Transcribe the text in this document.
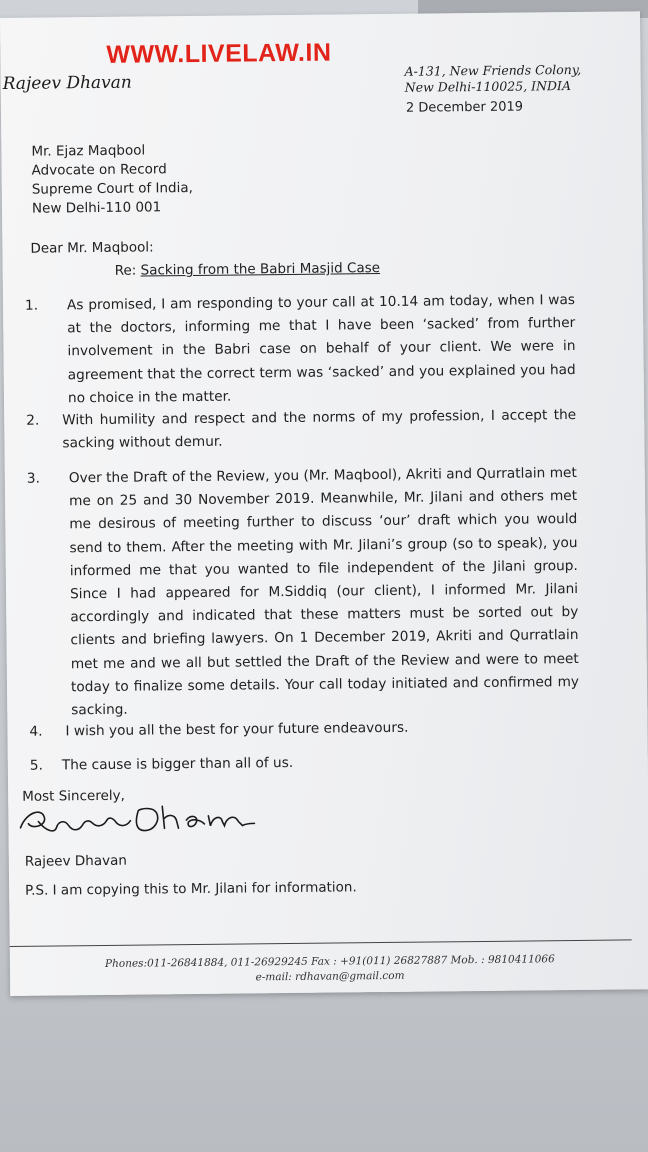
WWW.LIVELAW.IN
Rajeev Dhavan
A-131, New Friends Colony,
New Delhi-110025, INDIA
2 December 2019
Mr. Ejaz Maqbool
Advocate on Record
Supreme Court of India,
New Delhi-110 001
Dear Mr. Maqbool:
Re: Sacking from the Babri Masjid Case
1.	As promised, I am responding to your call at 10.14 am today, when I was at the doctors, informing me that I have been ‘sacked’ from further involvement in the Babri case on behalf of your client. We were in agreement that the correct term was ‘sacked’ and you explained you had no choice in the matter.
2.	With humility and respect and the norms of my profession, I accept the sacking without demur.
3.	Over the Draft of the Review, you (Mr. Maqbool), Akriti and Qurratlain met me on 25 and 30 November 2019. Meanwhile, Mr. Jilani and others met me desirous of meeting further to discuss ‘our’ draft which you would send to them. After the meeting with Mr. Jilani’s group (so to speak), you informed me that you wanted to file independent of the Jilani group. Since I had appeared for M.Siddiq (our client), I informed Mr. Jilani accordingly and indicated that these matters must be sorted out by clients and briefing lawyers. On 1 December 2019, Akriti and Qurratlain met me and we all but settled the Draft of the Review and were to meet today to finalize some details. Your call today initiated and confirmed my sacking.
4.	I wish you all the best for your future endeavours.
5.	The cause is bigger than all of us.
Most Sincerely,
Rajeev Dhavan
P.S. I am copying this to Mr. Jilani for information.
Phones:011-26841884, 011-26929245 Fax : +91(011) 26827887 Mob. : 9810411066
e-mail: rdhavan@gmail.com
